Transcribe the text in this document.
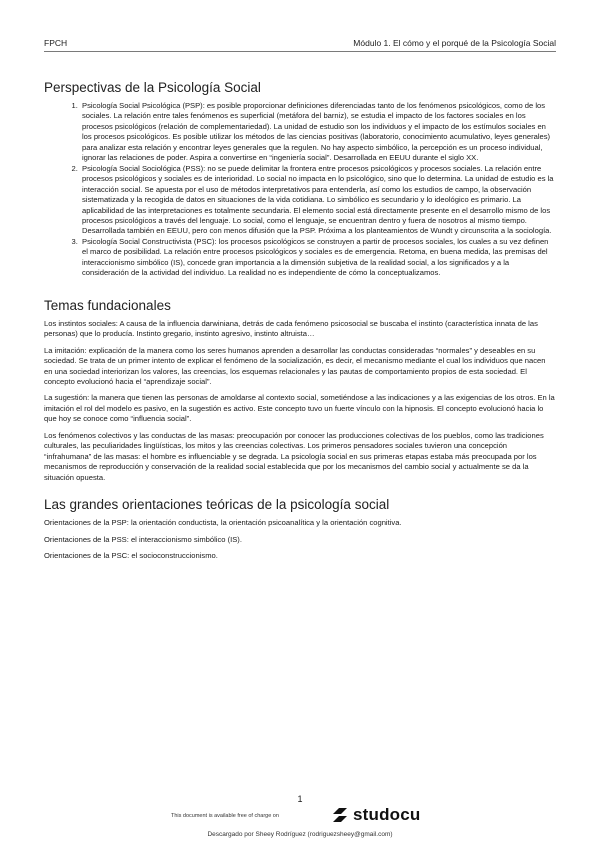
FPCH	Módulo 1. El cómo y el porqué de la Psicología Social
Perspectivas de la Psicología Social
1. Psicología Social Psicológica (PSP): es posible proporcionar definiciones diferenciadas tanto de los fenómenos psicológicos, como de los sociales. La relación entre tales fenómenos es superficial (metáfora del barniz), se estudia el impacto de los factores sociales en los procesos psicológicos (relación de complementariedad). La unidad de estudio son los individuos y el impacto de los estímulos sociales en los procesos psicológicos. Es posible utilizar los métodos de las ciencias positivas (laboratorio, conocimiento acumulativo, leyes generales) para analizar esta relación y encontrar leyes generales que la regulen. No hay aspecto simbólico, la percepción es un proceso individual, ignorar las relaciones de poder. Aspira a convertirse en “ingeniería social”. Desarrollada en EEUU durante el siglo XX.
2. Psicología Social Sociológica (PSS): no se puede delimitar la frontera entre procesos psicológicos y procesos sociales. La relación entre procesos psicológicos y sociales es de interioridad. Lo social no impacta en lo psicológico, sino que lo determina. La unidad de estudio es la interacción social. Se apuesta por el uso de métodos interpretativos para entenderla, así como los estudios de campo, la observación sistematizada y la recogida de datos en situaciones de la vida cotidiana. Lo simbólico es secundario y lo ideológico es primario. La aplicabilidad de las interpretaciones es totalmente secundaria. El elemento social está directamente presente en el desarrollo mismo de los procesos psicológicos a través del lenguaje. Lo social, como el lenguaje, se encuentran dentro y fuera de nosotros al mismo tiempo. Desarrollada también en EEUU, pero con menos difusión que la PSP. Próxima a los planteamientos de Wundt y circunscrita a la sociología.
3. Psicología Social Constructivista (PSC): los procesos psicológicos se construyen a partir de procesos sociales, los cuales a su vez definen el marco de posibilidad. La relación entre procesos psicológicos y sociales es de emergencia. Retoma, en buena medida, las premisas del interaccionismo simbólico (IS), concede gran importancia a la dimensión subjetiva de la realidad social, a los significados y a la consideración de la actividad del individuo. La realidad no es independiente de cómo la conceptualizamos.
Temas fundacionales

Los instintos sociales: A causa de la influencia darwiniana, detrás de cada fenómeno psicosocial se buscaba el instinto (característica innata de las personas) que lo producía. Instinto gregario, instinto agresivo, instinto altruista…

La imitación: explicación de la manera como los seres humanos aprenden a desarrollar las conductas consideradas “normales” y deseables en su sociedad. Se trata de un primer intento de explicar el fenómeno de la socialización, es decir, el mecanismo mediante el cual los individuos que nacen en una sociedad interiorizan los valores, las creencias, los esquemas relacionales y las pautas de comportamiento propios de esta sociedad. El concepto evolucionó hacia el “aprendizaje social”.

La sugestión: la manera que tienen las personas de amoldarse al contexto social, sometiéndose a las indicaciones y a las exigencias de los otros. En la imitación el rol del modelo es pasivo, en la sugestión es activo. Este concepto tuvo un fuerte vínculo con la hipnosis. El concepto evolucionó hacia lo que hoy se conoce como “influencia social”.

Los fenómenos colectivos y las conductas de las masas: preocupación por conocer las producciones colectivas de los pueblos, como las tradiciones culturales, las peculiaridades lingüísticas, los mitos y las creencias colectivas. Los primeros pensadores sociales tuvieron una concepción “infrahumana” de las masas: el hombre es influenciable y se degrada. La psicología social en sus primeras etapas estaba más preocupada por los mecanismos de reproducción y conservación de la realidad social establecida que por los mecanismos del cambio social y actualmente se da la situación opuesta.

Las grandes orientaciones teóricas de la psicología social

Orientaciones de la PSP: la orientación conductista, la orientación psicoanalítica y la orientación cognitiva.

Orientaciones de la PSS: el interaccionismo simbólico (IS).

Orientaciones de la PSC: el socioconstruccionismo.

1
This document is available free of charge on	studocu
Descargado por Sheey Rodríguez (rodriguezsheey@gmail.com)
